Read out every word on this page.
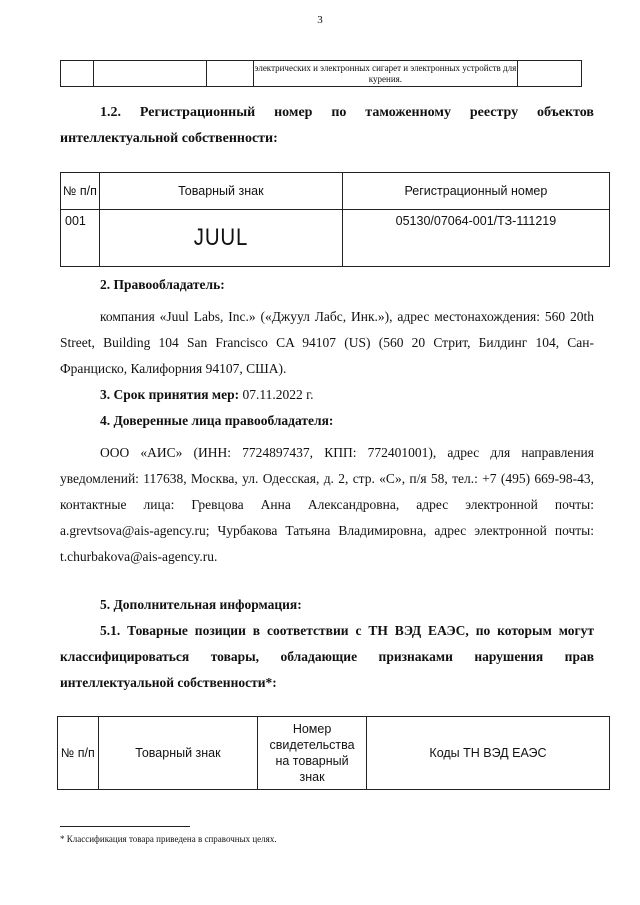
3
			электрических и электронных сигарет и электронных устройств для курения.	
1.2. Регистрационный номер по таможенному реестру объектов
интеллектуальной собственности:
№ п/п	Товарный знак	Регистрационный номер
001	JUUL	05130/07064-001/ТЗ-111219
2. Правообладатель:
компания «Juul Labs, Inc.» («Джуул Лабс, Инк.»), адрес местонахождения: 560 20th Street, Building 104 San Francisco CA 94107 (US) (560 20 Стрит, Билдинг 104, Сан-Франциско, Калифорния 94107, США).
3. Срок принятия мер: 07.11.2022 г.
4. Доверенные лица правообладателя:
ООО «АИС» (ИНН: 7724897437, КПП: 772401001), адрес для направления уведомлений: 117638, Москва, ул. Одесская, д. 2, стр. «С», п/я 58, тел.: +7 (495) 669-98-43, контактные лица: Гревцова Анна Александровна, адрес электронной почты: a.grevtsova@ais-agency.ru; Чурбакова Татьяна Владимировна, адрес электронной почты: t.churbakova@ais-agency.ru.
5. Дополнительная информация:
5.1. Товарные позиции в соответствии с ТН ВЭД ЕАЭС, по которым могут классифицироваться товары, обладающие признаками нарушения прав интеллектуальной собственности*:
№ п/п	Товарный знак	Номер свидетельства на товарный знак	Коды ТН ВЭД ЕАЭС
* Классификация товара приведена в справочных целях.
